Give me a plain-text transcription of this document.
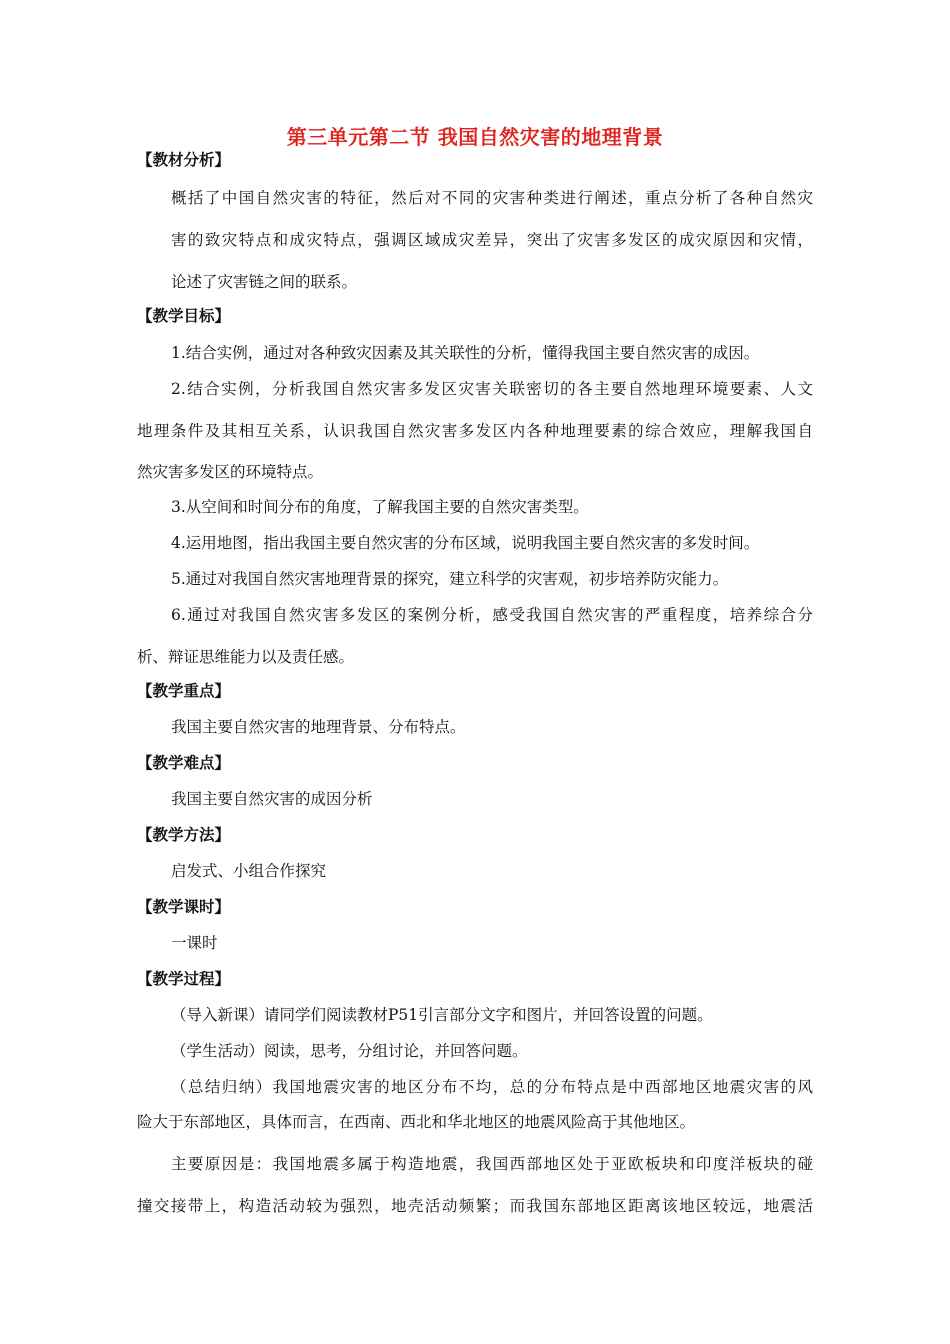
第三单元第二节 我国自然灾害的地理背景
【教材分析】
概括了中国自然灾害的特征，然后对不同的灾害种类进行阐述，重点分析了各种自然灾
害的致灾特点和成灾特点，强调区域成灾差异，突出了灾害多发区的成灾原因和灾情，
论述了灾害链之间的联系。
【教学目标】
1.结合实例，通过对各种致灾因素及其关联性的分析，懂得我国主要自然灾害的成因。
2.结合实例，分析我国自然灾害多发区灾害关联密切的各主要自然地理环境要素、人文
地理条件及其相互关系，认识我国自然灾害多发区内各种地理要素的综合效应，理解我国自
然灾害多发区的环境特点。
3.从空间和时间分布的角度，了解我国主要的自然灾害类型。
4.运用地图，指出我国主要自然灾害的分布区域，说明我国主要自然灾害的多发时间。
5.通过对我国自然灾害地理背景的探究，建立科学的灾害观，初步培养防灾能力。
6.通过对我国自然灾害多发区的案例分析，感受我国自然灾害的严重程度，培养综合分
析、辩证思维能力以及责任感。
【教学重点】
我国主要自然灾害的地理背景、分布特点。
【教学难点】
我国主要自然灾害的成因分析
【教学方法】
启发式、小组合作探究
【教学课时】
一课时
【教学过程】
（导入新课）请同学们阅读教材P51引言部分文字和图片，并回答设置的问题。
（学生活动）阅读，思考，分组讨论，并回答问题。
（总结归纳）我国地震灾害的地区分布不均，总的分布特点是中西部地区地震灾害的风
险大于东部地区，具体而言，在西南、西北和华北地区的地震风险高于其他地区。
主要原因是：我国地震多属于构造地震，我国西部地区处于亚欧板块和印度洋板块的碰
撞交接带上，构造活动较为强烈，地壳活动频繁；而我国东部地区距离该地区较远，地震活
